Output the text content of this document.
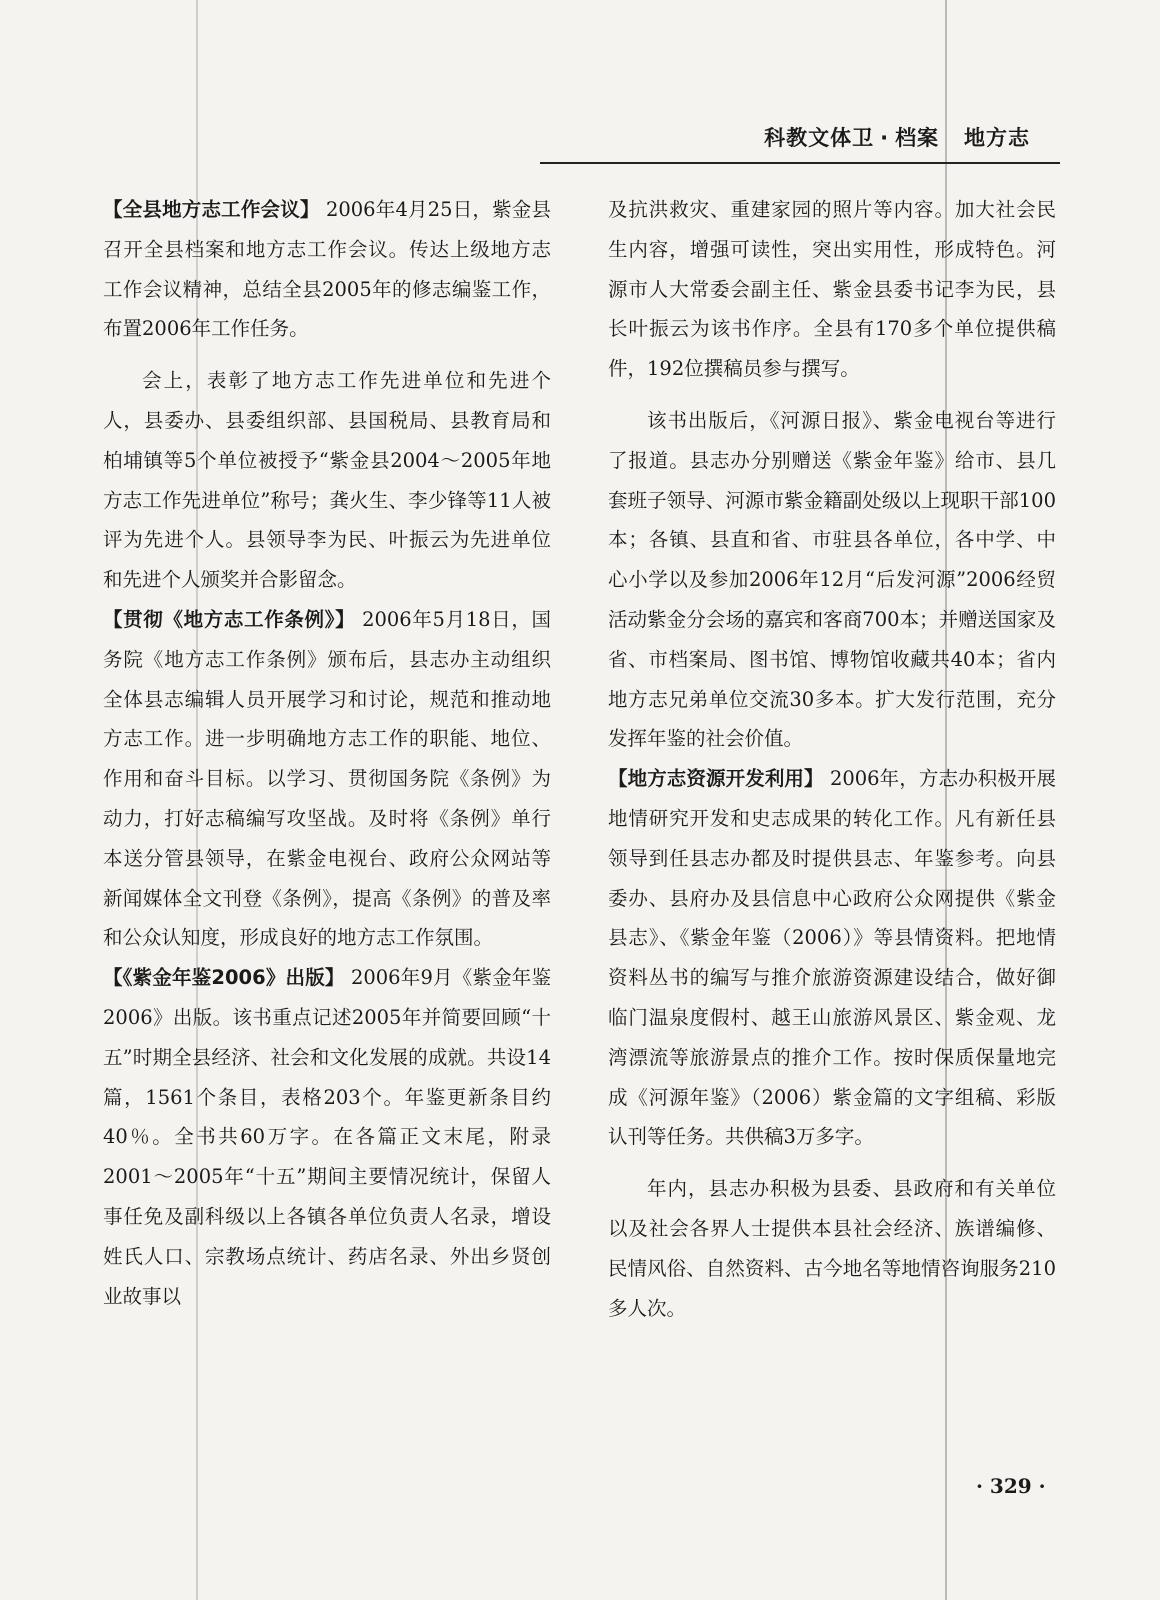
科教文体卫 · 档案 地方志

【全县地方志工作会议】 2006年4月25日，紫金县召开全县档案和地方志工作会议。传达上级地方志工作会议精神，总结全县2005年的修志编鉴工作，布置2006年工作任务。

会上，表彰了地方志工作先进单位和先进个人，县委办、县委组织部、县国税局、县教育局和柏埔镇等5个单位被授予“紫金县2004～2005年地方志工作先进单位”称号；龚火生、李少锋等11人被评为先进个人。县领导李为民、叶振云为先进单位和先进个人颁奖并合影留念。

【贯彻《地方志工作条例》】 2006年5月18日，国务院《地方志工作条例》颁布后，县志办主动组织全体县志编辑人员开展学习和讨论，规范和推动地方志工作。进一步明确地方志工作的职能、地位、作用和奋斗目标。以学习、贯彻国务院《条例》为动力，打好志稿编写攻坚战。及时将《条例》单行本送分管县领导，在紫金电视台、政府公众网站等新闻媒体全文刊登《条例》，提高《条例》的普及率和公众认知度，形成良好的地方志工作氛围。

【《紫金年鉴2006》出版】 2006年9月《紫金年鉴2006》出版。该书重点记述2005年并简要回顾“十五”时期全县经济、社会和文化发展的成就。共设14篇，1561个条目，表格203个。年鉴更新条目约40％。全书共60万字。在各篇正文末尾，附录2001～2005年“十五”期间主要情况统计，保留人事任免及副科级以上各镇各单位负责人名录，增设姓氏人口、宗教场点统计、药店名录、外出乡贤创业故事以

及抗洪救灾、重建家园的照片等内容。加大社会民生内容，增强可读性，突出实用性，形成特色。河源市人大常委会副主任、紫金县委书记李为民，县长叶振云为该书作序。全县有170多个单位提供稿件，192位撰稿员参与撰写。

该书出版后，《河源日报》、紫金电视台等进行了报道。县志办分别赠送《紫金年鉴》给市、县几套班子领导、河源市紫金籍副处级以上现职干部100本；各镇、县直和省、市驻县各单位，各中学、中心小学以及参加2006年12月“后发河源”2006经贸活动紫金分会场的嘉宾和客商700本；并赠送国家及省、市档案局、图书馆、博物馆收藏共40本；省内地方志兄弟单位交流30多本。扩大发行范围，充分发挥年鉴的社会价值。

【地方志资源开发利用】 2006年，方志办积极开展地情研究开发和史志成果的转化工作。凡有新任县领导到任县志办都及时提供县志、年鉴参考。向县委办、县府办及县信息中心政府公众网提供《紫金县志》、《紫金年鉴（2006）》等县情资料。把地情资料丛书的编写与推介旅游资源建设结合，做好御临门温泉度假村、越王山旅游风景区、紫金观、龙湾漂流等旅游景点的推介工作。按时保质保量地完成《河源年鉴》（2006）紫金篇的文字组稿、彩版认刊等任务。共供稿3万多字。

年内，县志办积极为县委、县政府和有关单位以及社会各界人士提供本县社会经济、族谱编修、民情风俗、自然资料、古今地名等地情咨询服务210多人次。

· 329 ·
